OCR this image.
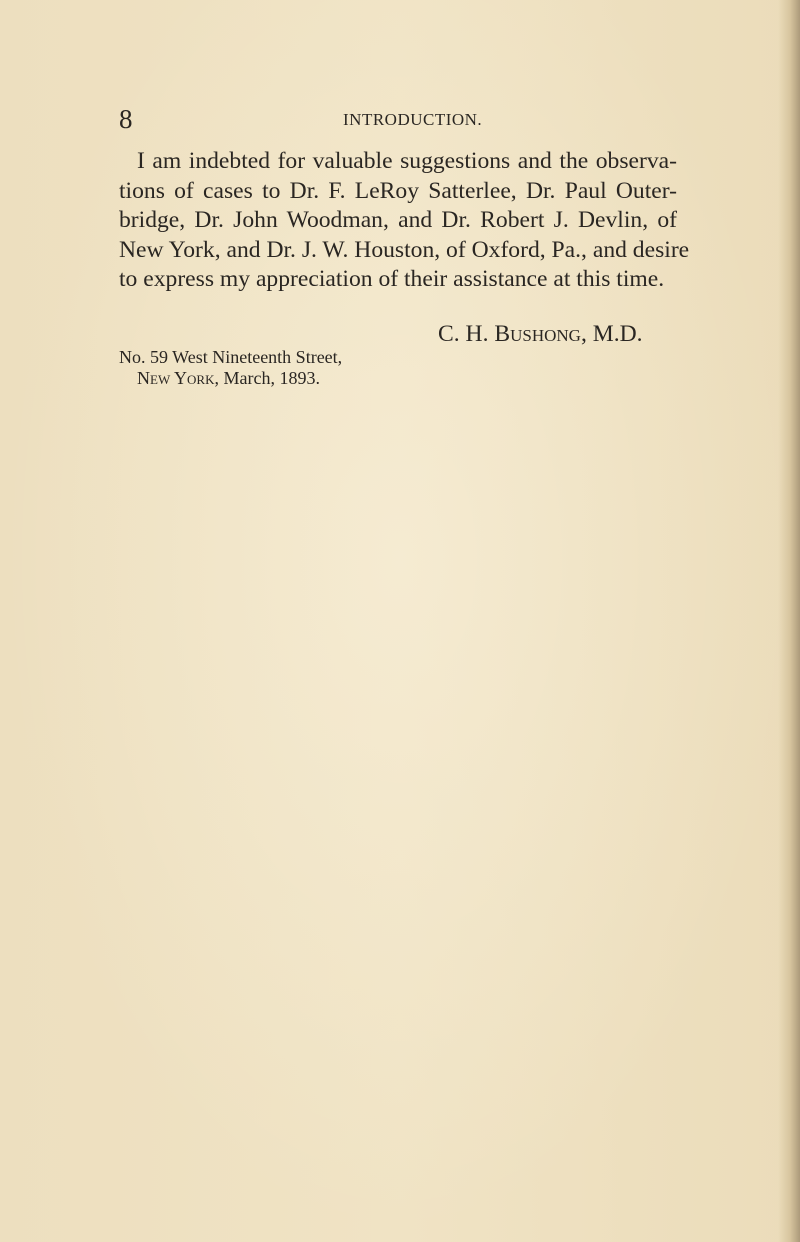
8	INTRODUCTION.
I am indebted for valuable suggestions and the observa-
tions of cases to Dr. F. LeRoy Satterlee, Dr. Paul Outer-
bridge, Dr. John Woodman, and Dr. Robert J. Devlin, of
New York, and Dr. J. W. Houston, of Oxford, Pa., and desire
to express my appreciation of their assistance at this time.
C. H. Bushong, M.D.
No. 59 West Nineteenth Street,
New York, March, 1893.
